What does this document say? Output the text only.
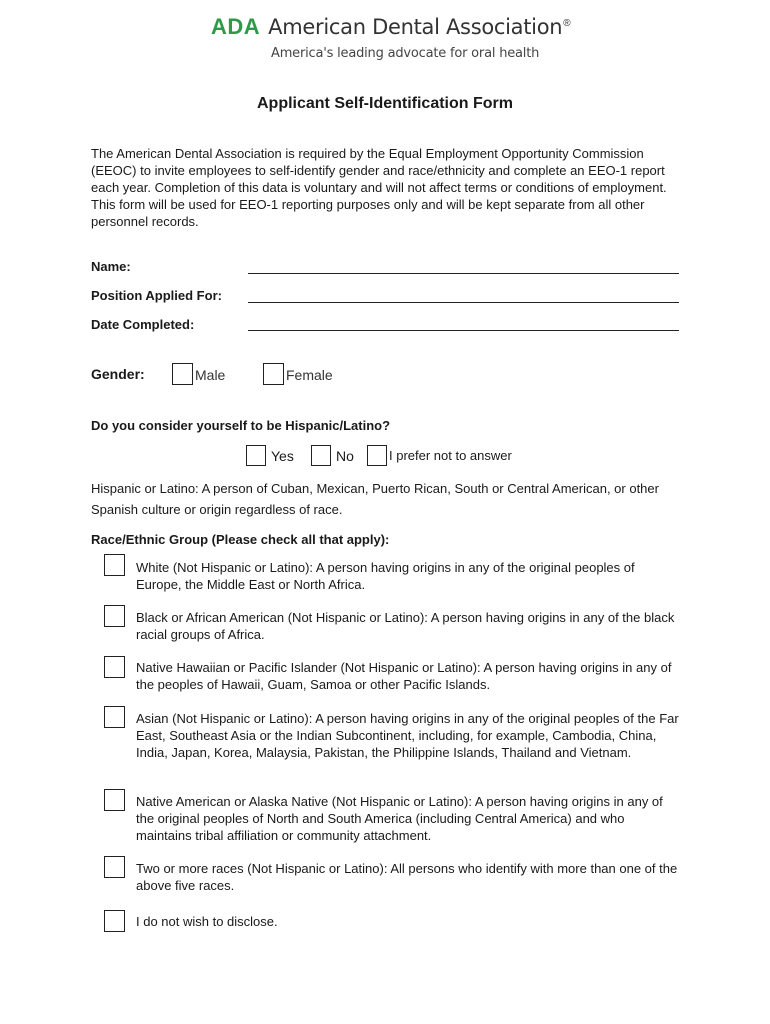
ADA American Dental Association ®
America's leading advocate for oral health
Applicant Self-Identification Form
The American Dental Association is required by the Equal Employment Opportunity Commission (EEOC) to invite employees to self-identify gender and race/ethnicity and complete an EEO-1 report each year. Completion of this data is voluntary and will not affect terms or conditions of employment. This form will be used for EEO-1 reporting purposes only and will be kept separate from all other personnel records.
Name:
Position Applied For:
Date Completed:
Gender:	Male	Female
Do you consider yourself to be Hispanic/Latino?
Yes	No	I prefer not to answer
Hispanic or Latino: A person of Cuban, Mexican, Puerto Rican, South or Central American, or other Spanish culture or origin regardless of race.
Race/Ethnic Group (Please check all that apply):
White (Not Hispanic or Latino): A person having origins in any of the original peoples of Europe, the Middle East or North Africa.
Black or African American (Not Hispanic or Latino): A person having origins in any of the black racial groups of Africa.
Native Hawaiian or Pacific Islander (Not Hispanic or Latino): A person having origins in any of the peoples of Hawaii, Guam, Samoa or other Pacific Islands.
Asian (Not Hispanic or Latino): A person having origins in any of the original peoples of the Far East, Southeast Asia or the Indian Subcontinent, including, for example, Cambodia, China, India, Japan, Korea, Malaysia, Pakistan, the Philippine Islands, Thailand and Vietnam.
Native American or Alaska Native (Not Hispanic or Latino): A person having origins in any of the original peoples of North and South America (including Central America) and who maintains tribal affiliation or community attachment.
Two or more races (Not Hispanic or Latino): All persons who identify with more than one of the above five races.
I do not wish to disclose.
